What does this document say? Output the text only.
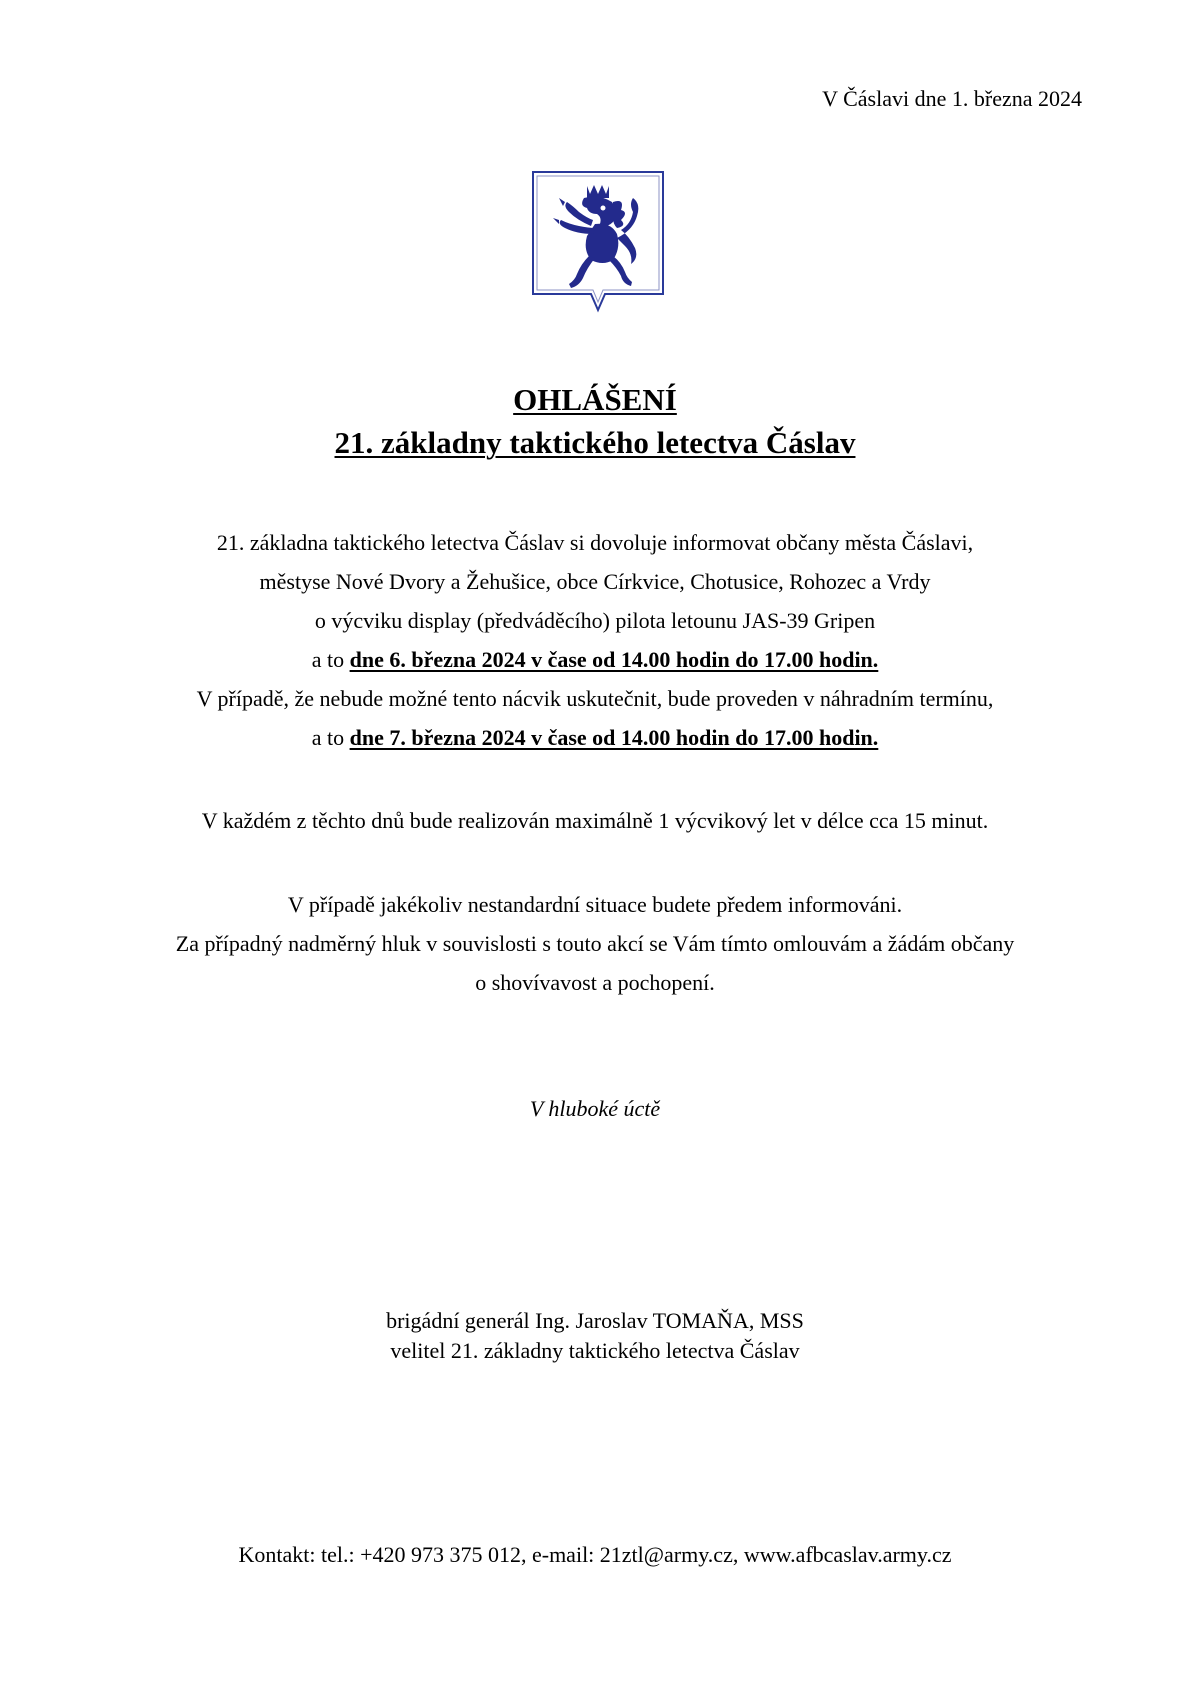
V Čáslavi dne 1. března 2024
OHLÁŠENÍ
21. základny taktického letectva Čáslav
21. základna taktického letectva Čáslav si dovoluje informovat občany města Čáslavi,
městyse Nové Dvory a Žehušice, obce Církvice, Chotusice, Rohozec a Vrdy
o výcviku display (předváděcího) pilota letounu JAS-39 Gripen
a to dne 6. března 2024 v čase od 14.00 hodin do 17.00 hodin.
V případě, že nebude možné tento nácvik uskutečnit, bude proveden v náhradním termínu,
a to dne 7. března 2024 v čase od 14.00 hodin do 17.00 hodin.
V každém z těchto dnů bude realizován maximálně 1 výcvikový let v délce cca 15 minut.
V případě jakékoliv nestandardní situace budete předem informováni.
Za případný nadměrný hluk v souvislosti s touto akcí se Vám tímto omlouvám a žádám občany
o shovívavost a pochopení.
V hluboké úctě
brigádní generál Ing. Jaroslav TOMAŇA, MSS
velitel 21. základny taktického letectva Čáslav
Kontakt: tel.: +420 973 375 012, e-mail: 21ztl@army.cz, www.afbcaslav.army.cz
